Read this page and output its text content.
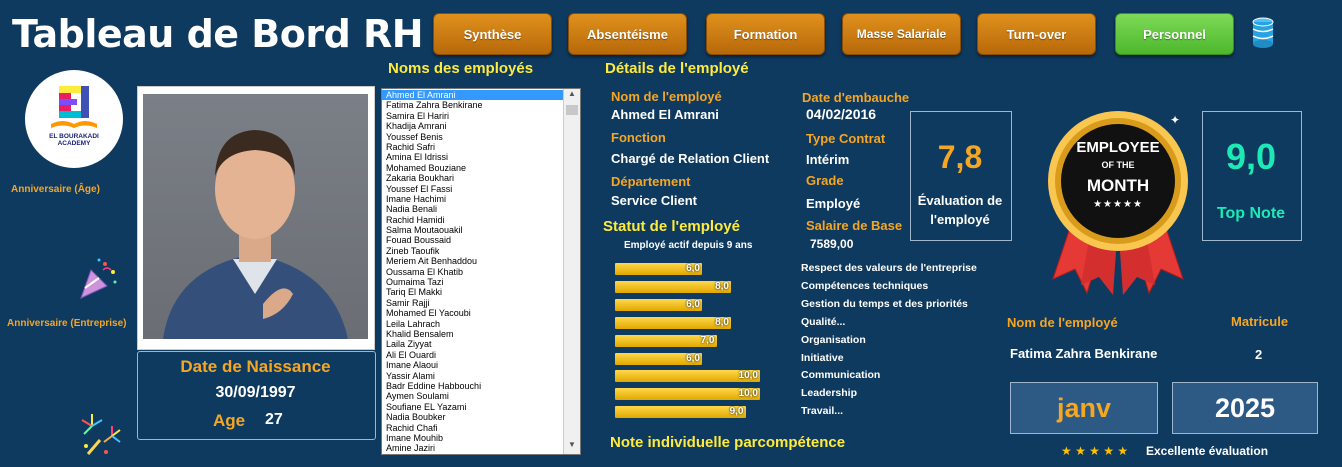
Tableau de Bord RH	Synthèse	Absentéisme	Formation	Masse Salariale	Turn-over	Personnel
EL BOURAKADI
ACADEMY
Anniversaire (Âge)
Anniversaire (Entreprise)
Date de Naissance
30/09/1997
Age 27
Noms des employés
Ahmed El Amrani
Fatima Zahra Benkirane
Samira El Hariri
Khadija Amrani
Youssef Benis
Rachid Safri
Amina El Idrissi
Mohamed Bouziane
Zakaria Boukhari
Youssef El Fassi
Imane Hachimi
Nadia Benali
Rachid Hamidi
Salma Moutaouakil
Fouad Boussaid
Zineb Taoufik
Meriem Ait Benhaddou
Oussama El Khatib
Oumaima Tazi
Tariq El Makki
Samir Rajji
Mohamed El Yacoubi
Leila Lahrach
Khalid Bensalem
Laila Ziyyat
Ali El Ouardi
Imane Alaoui
Yassir Alami
Badr Eddine Habbouchi
Aymen Soulami
Soufiane EL Yazami
Nadia Boubker
Rachid Chafi
Imane Mouhib
Amine Jaziri
▲
▼
Détails de l'employé
Nom de l'employé
Ahmed El Amrani
Fonction
Chargé de Relation Client
Département
Service Client
Date d'embauche
04/02/2016
Type Contrat
Intérim
Grade
Employé
Salaire de Base
7589,00
7,8
Évaluation de l'employé
EMPLOYEE
OF THE
MONTH
★★★★★
✦
9,0
Top Note
Statut de l'employé
Employé actif depuis 9 ans
6,0	Respect des valeurs de l'entreprise
8,0	Compétences techniques
6,0	Gestion du temps et des priorités
8,0	Qualité...
7,0	Organisation
6,0	Initiative
10,0	Communication
10,0	Leadership
9,0	Travail...
Note individuelle parcompétence
Nom de l'employé	Matricule
Fatima Zahra Benkirane	2
janv	2025
★ ★ ★ ★ ★ Excellente évaluation
